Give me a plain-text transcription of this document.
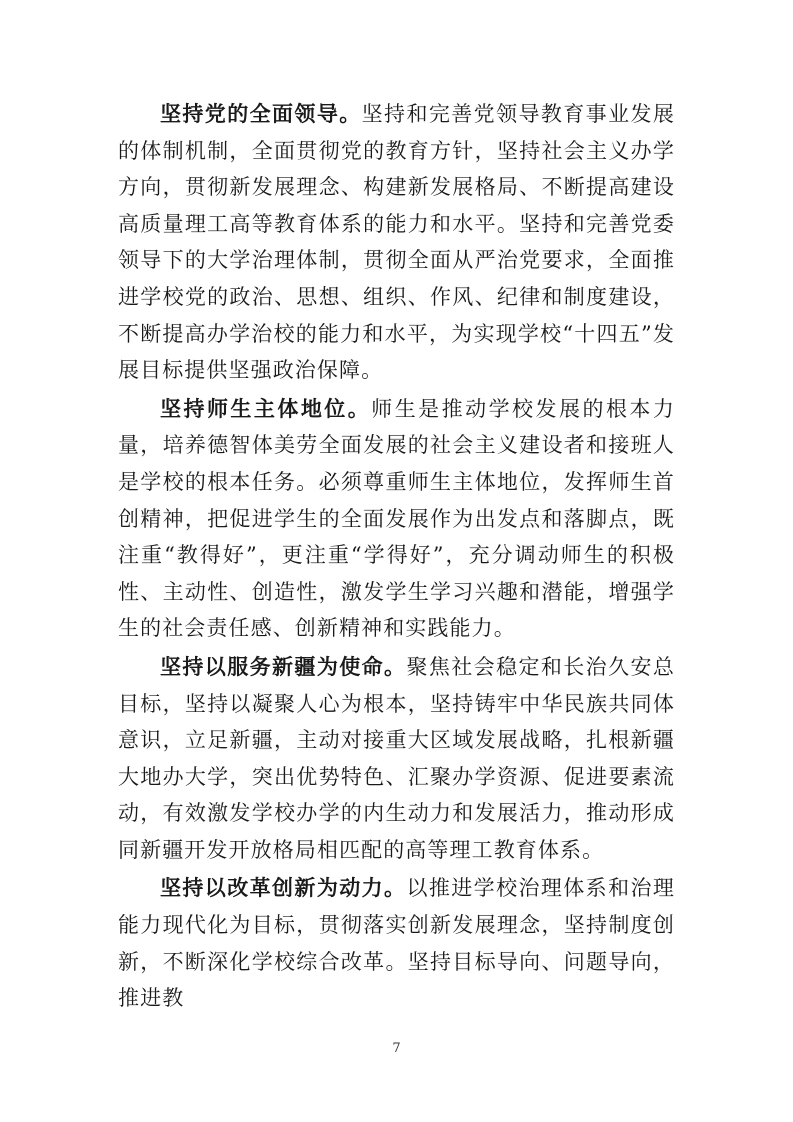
坚持党的全面领导。坚持和完善党领导教育事业发展的体制机制，全面贯彻党的教育方针，坚持社会主义办学方向，贯彻新发展理念、构建新发展格局、不断提高建设高质量理工高等教育体系的能力和水平。坚持和完善党委领导下的大学治理体制，贯彻全面从严治党要求，全面推进学校党的政治、思想、组织、作风、纪律和制度建设，不断提高办学治校的能力和水平，为实现学校“十四五”发展目标提供坚强政治保障。

坚持师生主体地位。师生是推动学校发展的根本力量，培养德智体美劳全面发展的社会主义建设者和接班人是学校的根本任务。必须尊重师生主体地位，发挥师生首创精神，把促进学生的全面发展作为出发点和落脚点，既注重“教得好”，更注重“学得好”，充分调动师生的积极性、主动性、创造性，激发学生学习兴趣和潜能，增强学生的社会责任感、创新精神和实践能力。

坚持以服务新疆为使命。聚焦社会稳定和长治久安总目标，坚持以凝聚人心为根本，坚持铸牢中华民族共同体意识，立足新疆，主动对接重大区域发展战略，扎根新疆大地办大学，突出优势特色、汇聚办学资源、促进要素流动，有效激发学校办学的内生动力和发展活力，推动形成同新疆开发开放格局相匹配的高等理工教育体系。

坚持以改革创新为动力。以推进学校治理体系和治理能力现代化为目标，贯彻落实创新发展理念，坚持制度创新，不断深化学校综合改革。坚持目标导向、问题导向，推进教

7
